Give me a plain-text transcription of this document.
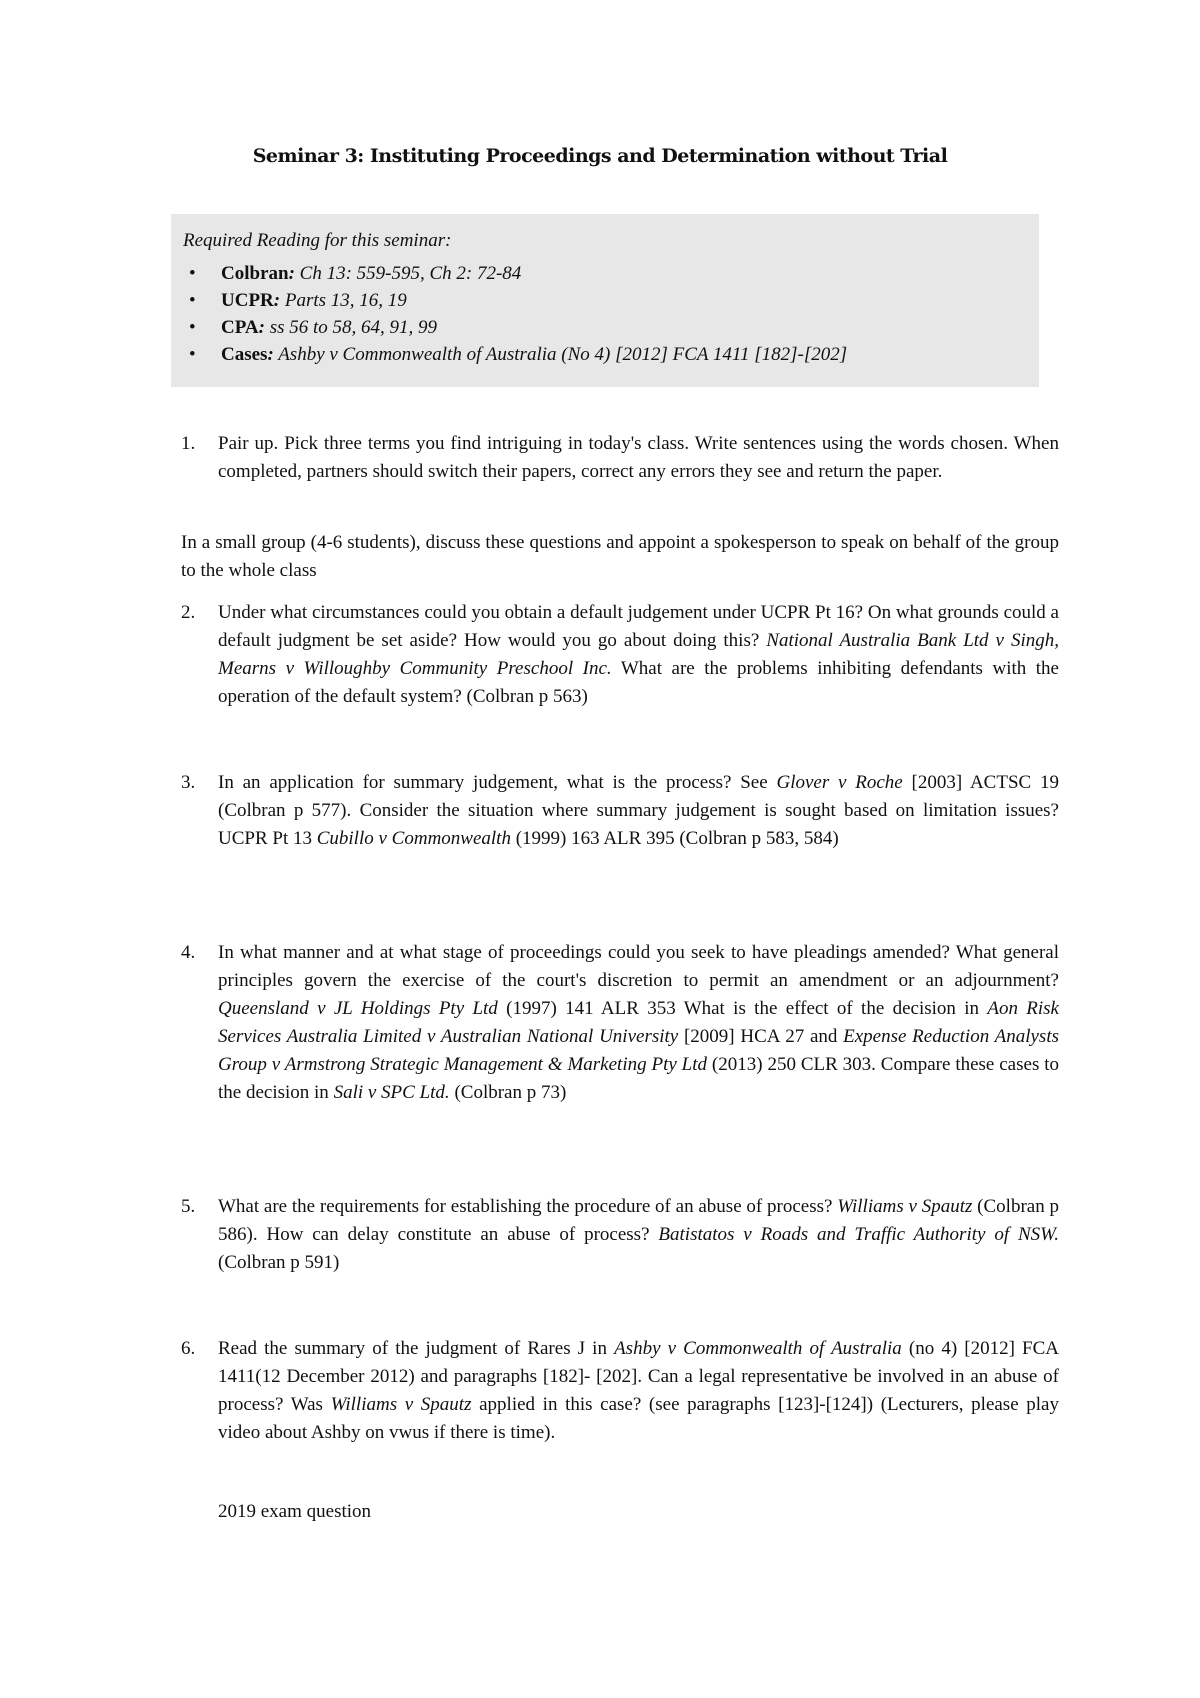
Seminar 3: Instituting Proceedings and Determination without Trial
Required Reading for this seminar:
• Colbran: Ch 13: 559-595, Ch 2: 72-84
• UCPR: Parts 13, 16, 19
• CPA: ss 56 to 58, 64, 91, 99
• Cases: Ashby v Commonwealth of Australia (No 4) [2012] FCA 1411 [182]-[202]
1. Pair up. Pick three terms you find intriguing in today's class. Write sentences using the words chosen. When completed, partners should switch their papers, correct any errors they see and return the paper.
In a small group (4-6 students), discuss these questions and appoint a spokesperson to speak on behalf of the group to the whole class
2. Under what circumstances could you obtain a default judgement under UCPR Pt 16? On what grounds could a default judgment be set aside? How would you go about doing this? National Australia Bank Ltd v Singh, Mearns v Willoughby Community Preschool Inc. What are the problems inhibiting defendants with the operation of the default system? (Colbran p 563)
3. In an application for summary judgement, what is the process? See Glover v Roche [2003] ACTSC 19 (Colbran p 577). Consider the situation where summary judgement is sought based on limitation issues? UCPR Pt 13 Cubillo v Commonwealth (1999) 163 ALR 395 (Colbran p 583, 584)
4. In what manner and at what stage of proceedings could you seek to have pleadings amended? What general principles govern the exercise of the court's discretion to permit an amendment or an adjournment? Queensland v JL Holdings Pty Ltd (1997) 141 ALR 353 What is the effect of the decision in Aon Risk Services Australia Limited v Australian National University [2009] HCA 27 and Expense Reduction Analysts Group v Armstrong Strategic Management & Marketing Pty Ltd (2013) 250 CLR 303. Compare these cases to the decision in Sali v SPC Ltd. (Colbran p 73)
5. What are the requirements for establishing the procedure of an abuse of process? Williams v Spautz (Colbran p 586). How can delay constitute an abuse of process? Batistatos v Roads and Traffic Authority of NSW. (Colbran p 591)
6. Read the summary of the judgment of Rares J in Ashby v Commonwealth of Australia (no 4) [2012] FCA 1411(12 December 2012) and paragraphs [182]- [202]. Can a legal representative be involved in an abuse of process? Was Williams v Spautz applied in this case? (see paragraphs [123]-[124]) (Lecturers, please play video about Ashby on vwus if there is time).
2019 exam question
